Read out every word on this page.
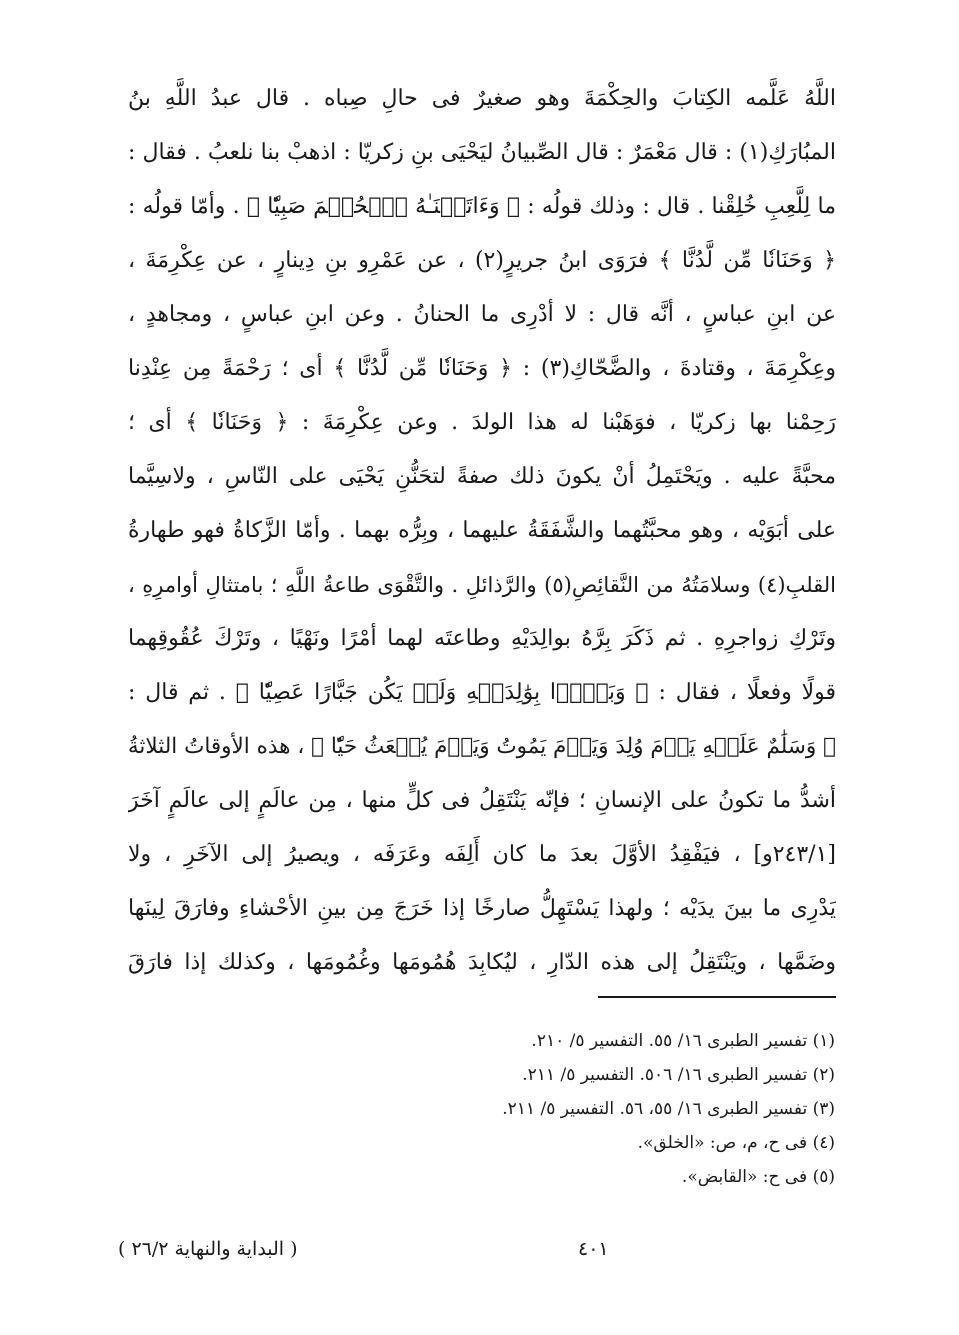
اللَّهُ عَلَّمه الكِتابَ والحِكْمَةَ وهو صغيرٌ فى حالِ صِباه . قال عبدُ اللَّهِ بنُ
المبُارَكِ(١) : قال مَعْمَرٌ : قال الصِّبيانُ ليَحْيَى بنِ زكريّا : اذهبْ بنا نلعبُ . فقال :
ما لِلَّعِبِ خُلِقْنا . قال : وذلك قولُه : ﴿ وَءَاتَيۡنَـٰهُ ٱلۡحُكۡمَ صَبِيّٗا ﴾ . وأمّا قولُه :
﴿ وَحَنَانٗا مِّن لَّدُنَّا ﴾ فرَوَى ابنُ جريرٍ(٢) ، عن عَمْرِو بنِ دِينارٍ ، عن عِكْرِمَةَ ،
عن ابنِ عباسٍ ، أنَّه قال : لا أدْرِى ما الحنانُ . وعن ابنِ عباسٍ ، ومجاهدٍ ،
وعِكْرِمَةَ ، وقتادةَ ، والضَّحّاكِ(٣) : ﴿ وَحَنَانٗا مِّن لَّدُنَّا ﴾ أى ؛ رَحْمَةً مِن عِنْدِنا
رَحِمْنا بها زكريّا ، فوَهَبْنا له هذا الولدَ . وعن عِكْرِمَةَ : ﴿ وَحَنَانٗا ﴾ أى ؛
محبَّةً عليه . ويَحْتَمِلُ أنْ يكونَ ذلك صفةً لتحَنُّنِ يَحْيَى على النّاسِ ، ولاسِيَّما
على أبَوَيْه ، وهو محبَّتُهما والشَّفَقَةُ عليهما ، وبِرُّه بهما . وأمّا الزَّكاةُ فهو طهارةُ
القلبِ(٤) وسلامَتُهُ من النَّقائِصِ(٥) والرَّذائلِ . والتَّقْوَى طاعةُ اللَّهِ ؛ بامتثالِ أوامرِهِ ،
وتَرْكِ زواجرِهِ . ثم ذَكَرَ بِرَّهُ بوالِدَيْهِ وطاعتَه لهما أمْرًا ونَهْيًا ، وتَرْكَ عُقُوقِهما
قولًا وفعلًا ، فقال : ﴿ وَبَرَّۢا بِوَٰلِدَيۡهِ وَلَمۡ يَكُن جَبَّارًا عَصِيّٗا ﴾ . ثم قال :
﴿ وَسَلَٰمٌ عَلَيۡهِ يَوۡمَ وُلِدَ وَيَوۡمَ يَمُوتُ وَيَوۡمَ يُبۡعَثُ حَيّٗا ﴾ ، هذه الأوقاتُ الثلاثةُ
أشدُّ ما تكونُ على الإنسانِ ؛ فإنّه يَنْتَقِلُ فى كلٍّ منها ، مِن عالَمٍ إلى عالَمٍ آخَرَ
[٢٤٣/١و] ، فيَفْقِدُ الأوَّلَ بعدَ ما كان أَلِفَه وعَرَفَه ، ويصيرُ إلى الآخَرِ ، ولا
يَدْرِى ما بينَ يدَيْه ؛ ولهذا يَسْتَهِلُّ صارخًا إذا خَرَجَ مِن بينِ الأحْشاءِ وفارَقَ لِينَها
وضَمَّها ، ويَنْتَقِلُ إلى هذه الدّارِ ، ليُكابِدَ هُمُومَها وغُمُومَها ، وكذلك إذا فارَقَ
(١) تفسير الطبرى ١٦/ ٥٥. التفسير ٥/ ٢١٠.
(٢) تفسير الطبرى ١٦/ ٥٠٦. التفسير ٥/ ٢١١.
(٣) تفسير الطبرى ١٦/ ٥٥، ٥٦. التفسير ٥/ ٢١١.
(٤) فى ح، م، ص: «الخلق».
(٥) فى ح: «القابض».
٤٠١
( البداية والنهاية ٢٦/٢ )
